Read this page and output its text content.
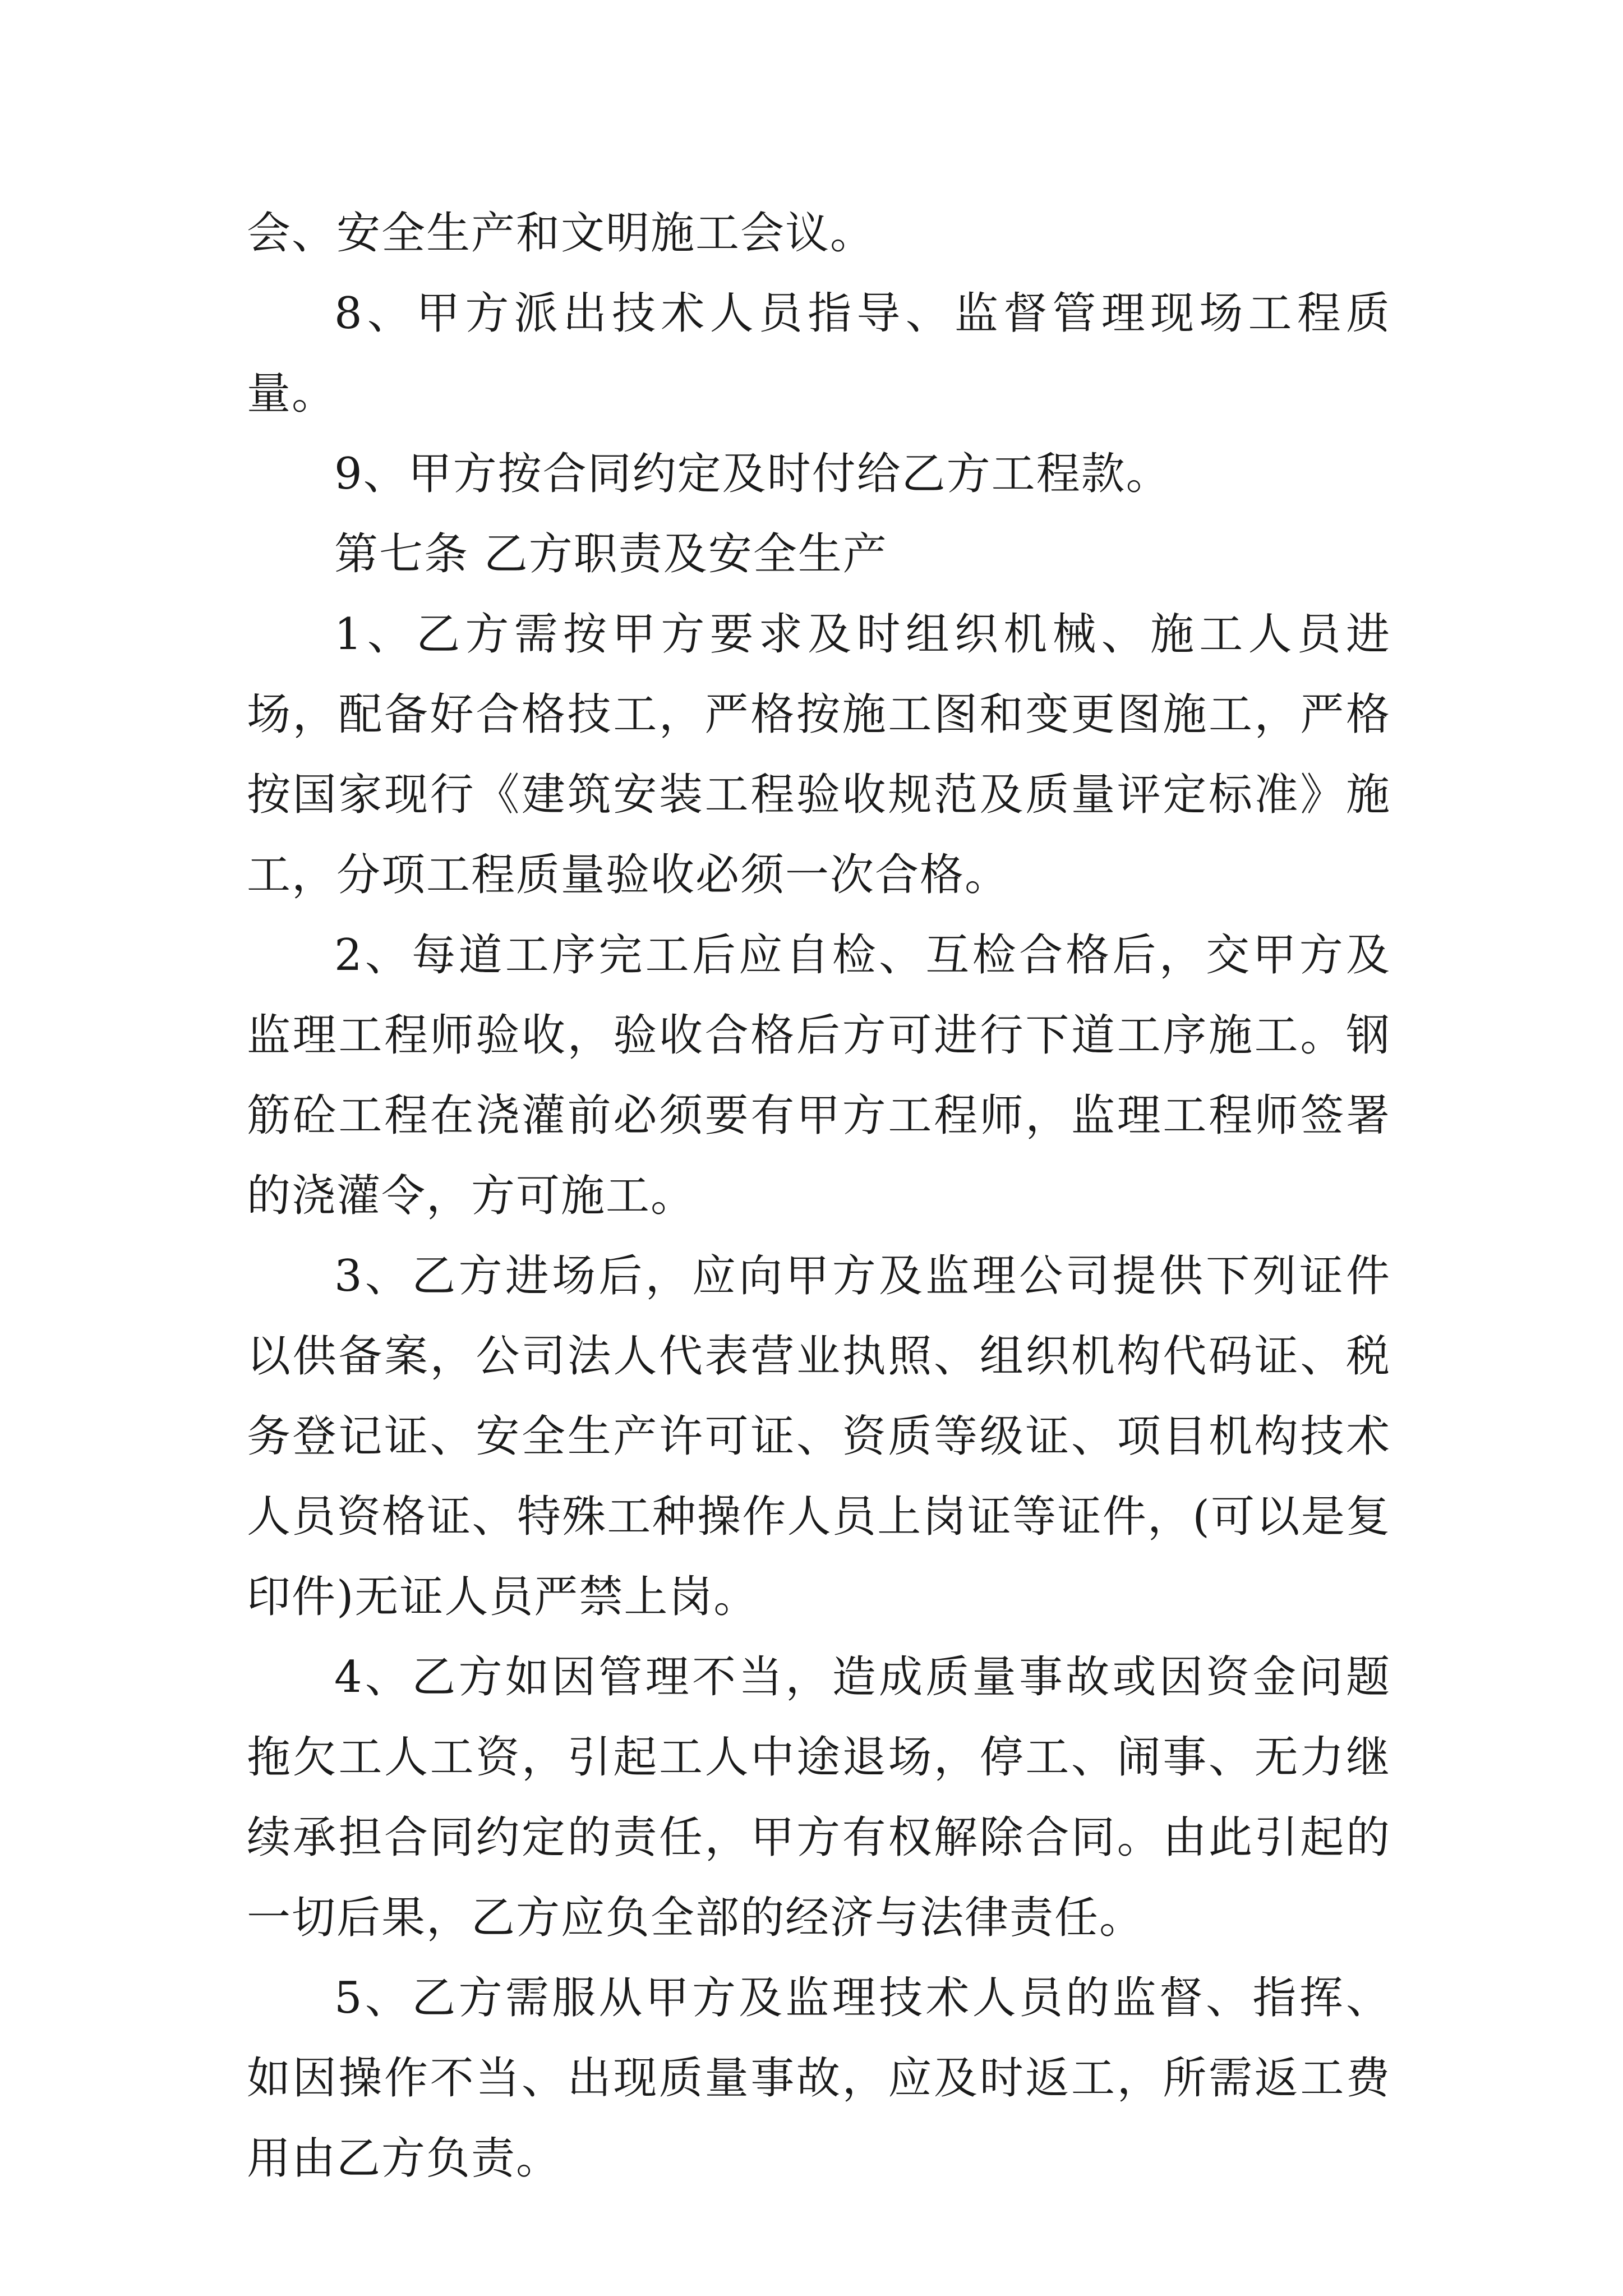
会、安全生产和文明施工会议。

8、甲方派出技术人员指导、监督管理现场工程质量。

9、甲方按合同约定及时付给乙方工程款。

第七条 乙方职责及安全生产

1、乙方需按甲方要求及时组织机械、施工人员进场，配备好合格技工，严格按施工图和变更图施工，严格按国家现行《建筑安装工程验收规范及质量评定标准》施工，分项工程质量验收必须一次合格。

2、每道工序完工后应自检、互检合格后，交甲方及监理工程师验收，验收合格后方可进行下道工序施工。钢筋砼工程在浇灌前必须要有甲方工程师，监理工程师签署的浇灌令，方可施工。

3、乙方进场后，应向甲方及监理公司提供下列证件以供备案，公司法人代表营业执照、组织机构代码证、税务登记证、安全生产许可证、资质等级证、项目机构技术人员资格证、特殊工种操作人员上岗证等证件，(可以是复印件)无证人员严禁上岗。

4、乙方如因管理不当，造成质量事故或因资金问题拖欠工人工资，引起工人中途退场，停工、闹事、无力继续承担合同约定的责任，甲方有权解除合同。由此引起的一切后果，乙方应负全部的经济与法律责任。

5、乙方需服从甲方及监理技术人员的监督、指挥、如因操作不当、出现质量事故，应及时返工，所需返工费用由乙方负责。
